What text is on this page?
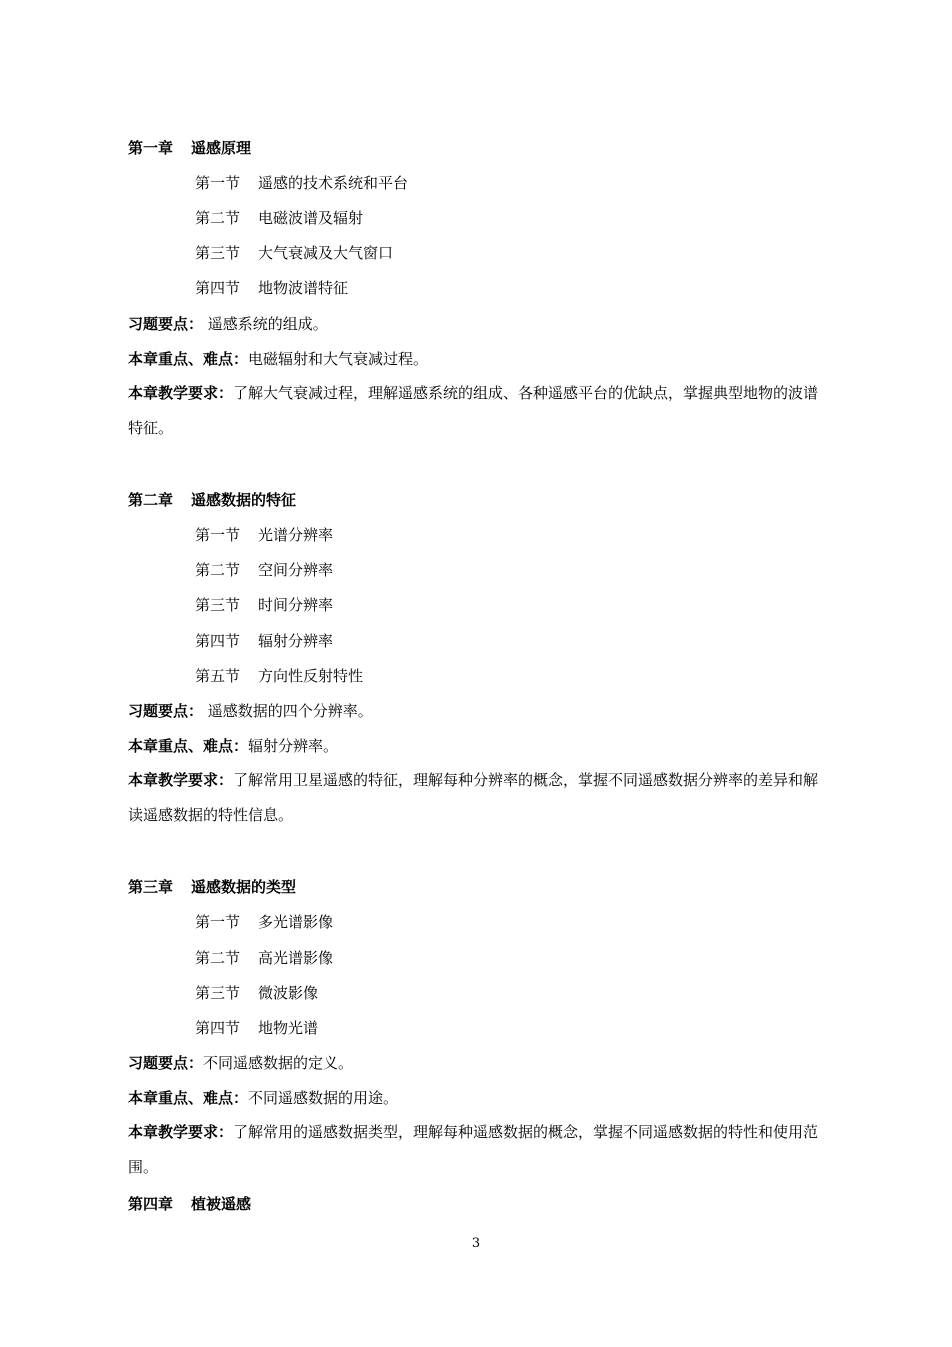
第一章 遥感原理
第一节 遥感的技术系统和平台
第二节 电磁波谱及辐射
第三节 大气衰减及大气窗口
第四节 地物波谱特征
习题要点： 遥感系统的组成。
本章重点、难点：电磁辐射和大气衰减过程。
本章教学要求：了解大气衰减过程，理解遥感系统的组成、各种遥感平台的优缺点，掌握典型地物的波谱特征。
第二章 遥感数据的特征
第一节 光谱分辨率
第二节 空间分辨率
第三节 时间分辨率
第四节 辐射分辨率
第五节 方向性反射特性
习题要点： 遥感数据的四个分辨率。
本章重点、难点：辐射分辨率。
本章教学要求：了解常用卫星遥感的特征，理解每种分辨率的概念，掌握不同遥感数据分辨率的差异和解读遥感数据的特性信息。
第三章 遥感数据的类型
第一节 多光谱影像
第二节 高光谱影像
第三节 微波影像
第四节 地物光谱
习题要点：不同遥感数据的定义。
本章重点、难点：不同遥感数据的用途。
本章教学要求：了解常用的遥感数据类型，理解每种遥感数据的概念，掌握不同遥感数据的特性和使用范围。
第四章 植被遥感
3
